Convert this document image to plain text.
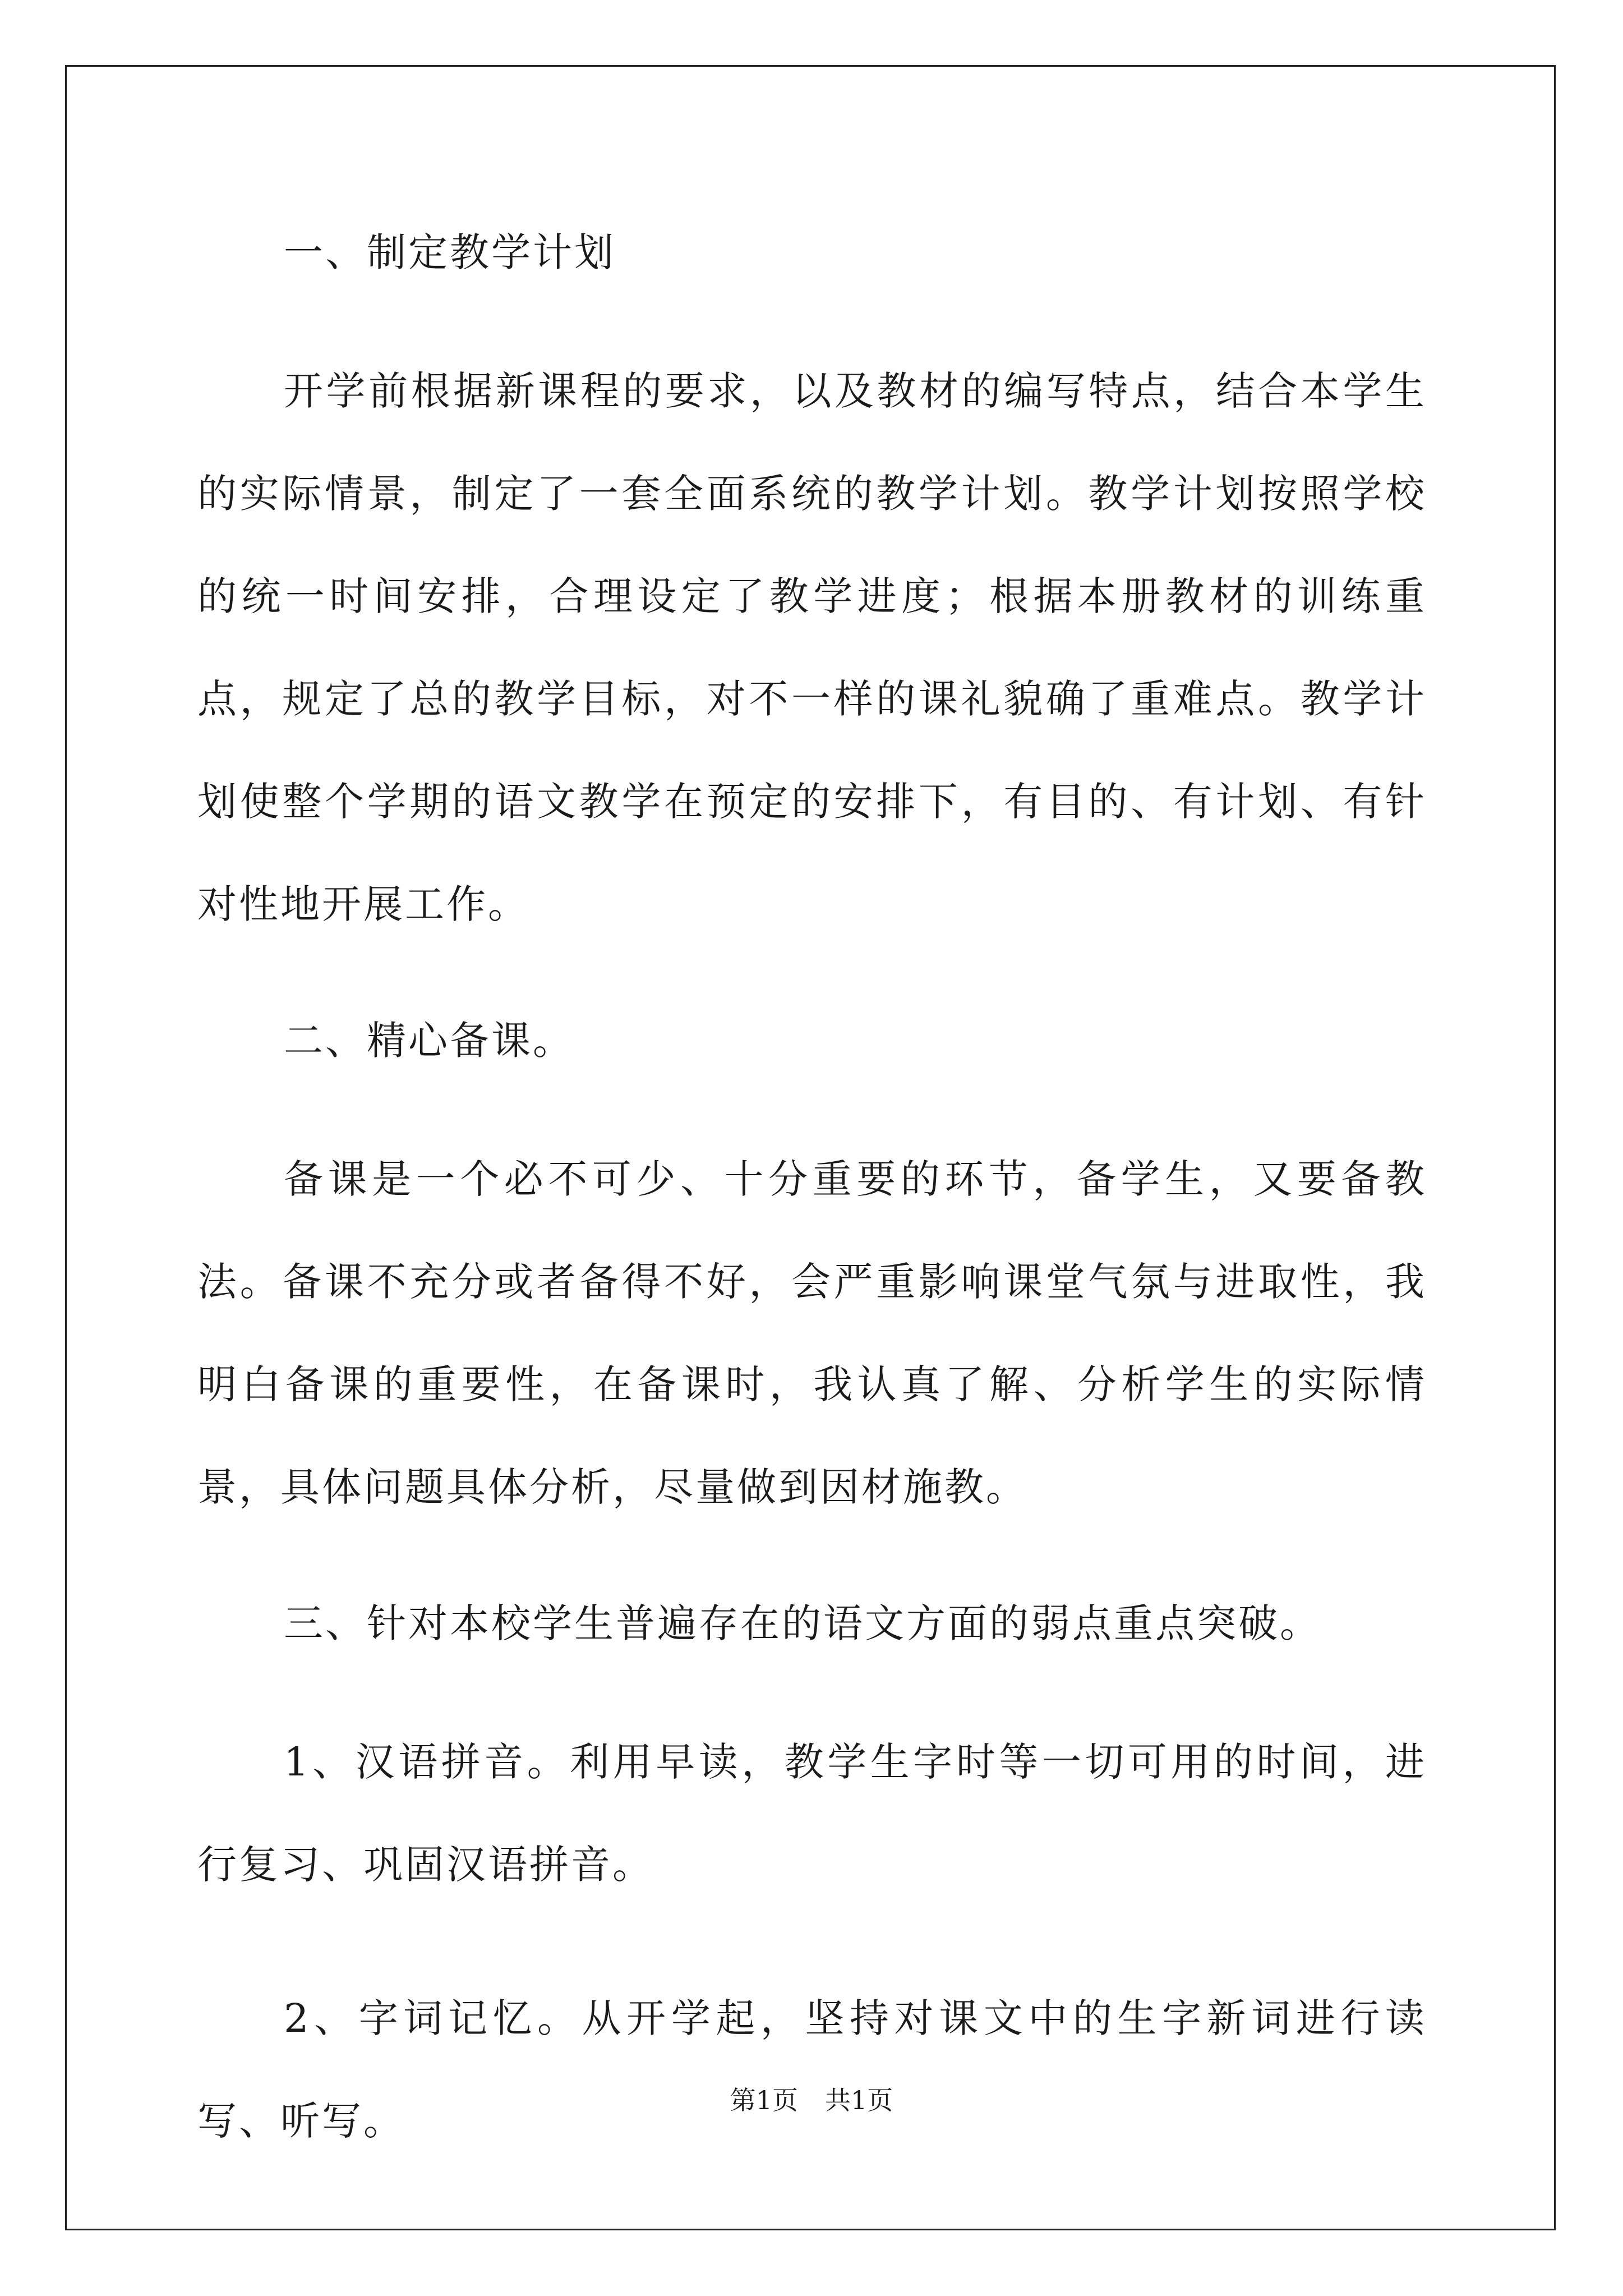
一、制定教学计划

开学前根据新课程的要求，以及教材的编写特点，结合本学生的实际情景，制定了一套全面系统的教学计划。教学计划按照学校的统一时间安排，合理设定了教学进度；根据本册教材的训练重点，规定了总的教学目标，对不一样的课礼貌确了重难点。教学计划使整个学期的语文教学在预定的安排下，有目的、有计划、有针对性地开展工作。

二、精心备课。

备课是一个必不可少、十分重要的环节，备学生，又要备教法。备课不充分或者备得不好，会严重影响课堂气氛与进取性，我明白备课的重要性，在备课时，我认真了解、分析学生的实际情景，具体问题具体分析，尽量做到因材施教。

三、针对本校学生普遍存在的语文方面的弱点重点突破。

1、汉语拼音。利用早读，教学生字时等一切可用的时间，进行复习、巩固汉语拼音。

2、字词记忆。从开学起，坚持对课文中的生字新词进行读写、听写。	第1页 共1页
